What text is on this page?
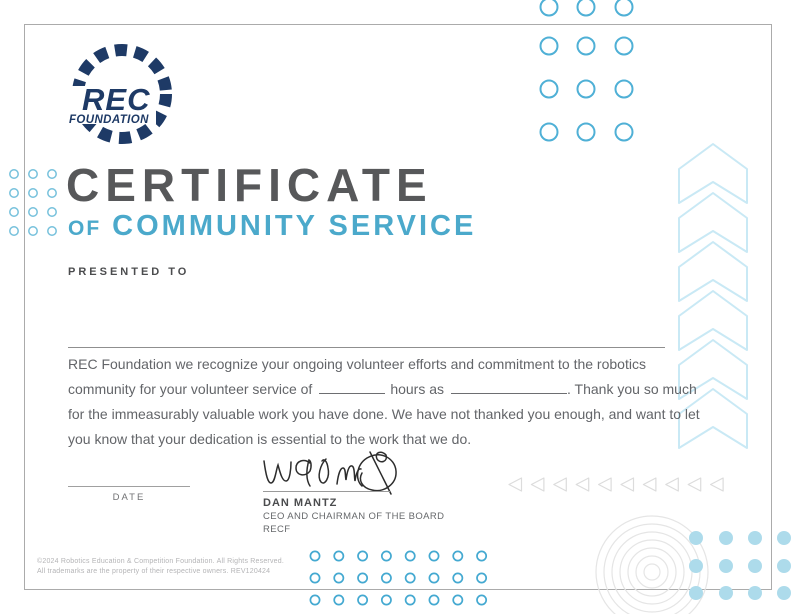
REC
FOUNDATION
CERTIFICATE
OF COMMUNITY SERVICE
PRESENTED TO
REC Foundation we recognize your ongoing volunteer efforts and commitment to the robotics community for your volunteer service of	hours as	. Thank you so much for the immeasurably valuable work you have done. We have not thanked you enough, and want to let you know that your dedication is essential to the work that we do.
DATE	DAN MANTZ
CEO AND CHAIRMAN OF THE BOARD
RECF
©2024 Robotics Education & Competition Foundation. All Rights Reserved.
All trademarks are the property of their respective owners. REV120424
